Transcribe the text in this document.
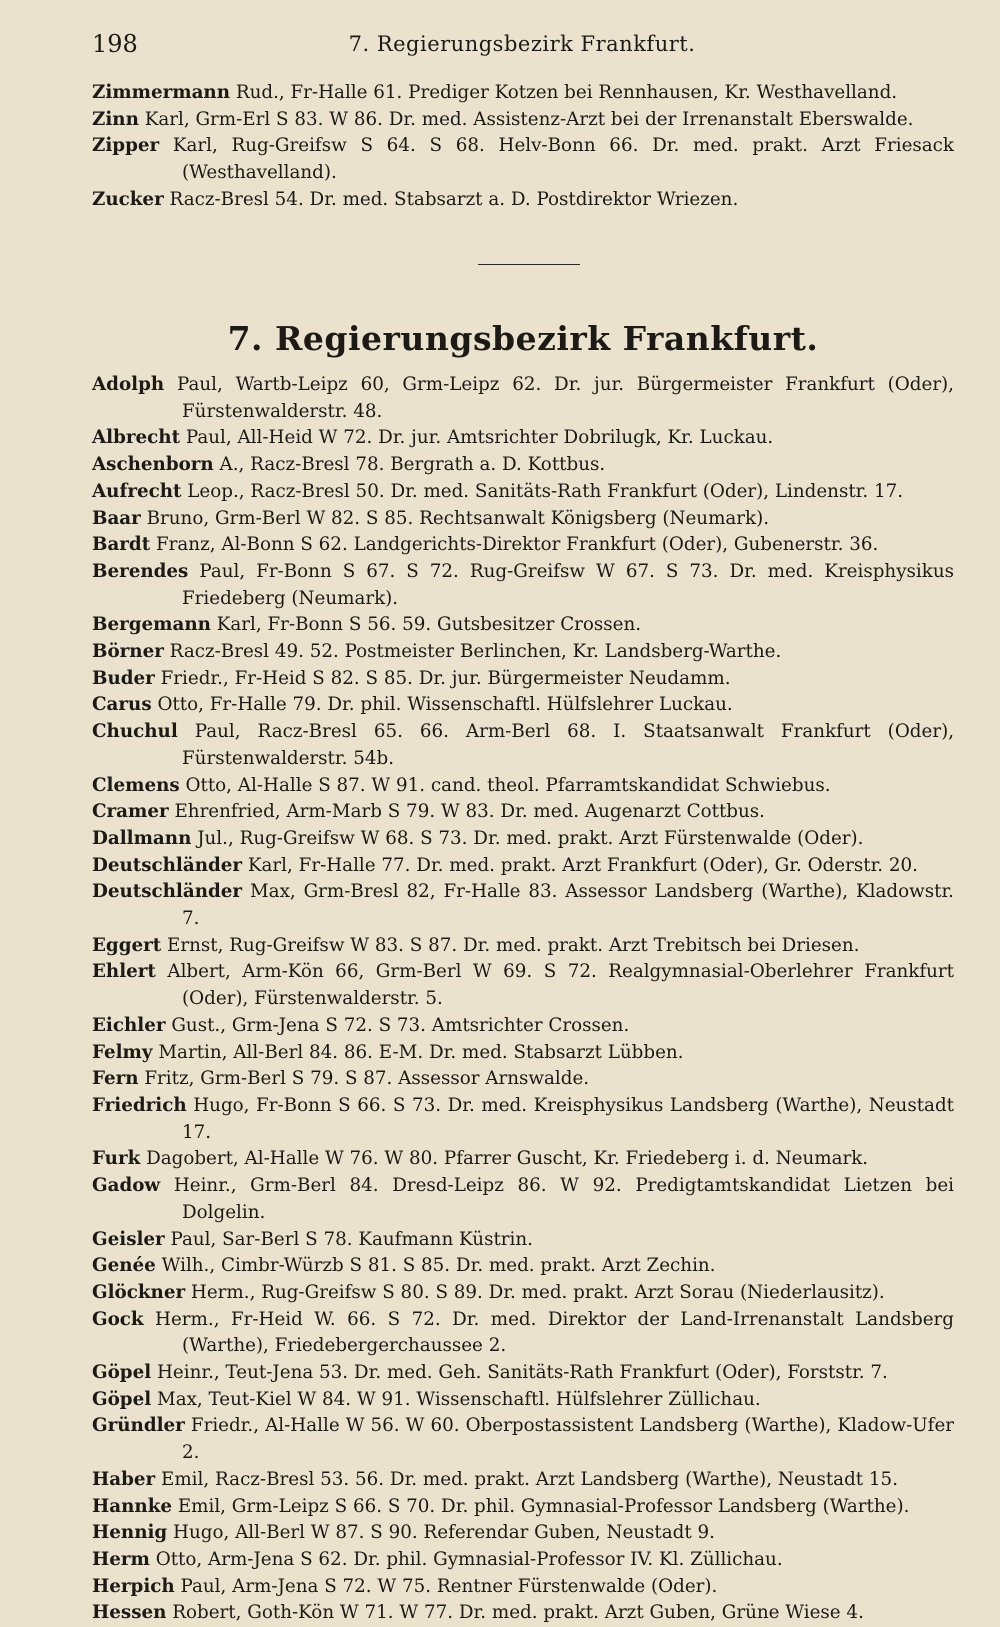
198	7. Regierungsbezirk Frankfurt.
Zimmermann Rud., Fr-Halle 61. Prediger Kotzen bei Rennhausen, Kr. Westhavelland.
Zinn Karl, Grm-Erl S 83. W 86. Dr. med. Assistenz-Arzt bei der Irrenanstalt Eberswalde.
Zipper Karl, Rug-Greifsw S 64. S 68. Helv-Bonn 66. Dr. med. prakt. Arzt Friesack (Westhavelland).
Zucker Racz-Bresl 54. Dr. med. Stabsarzt a. D. Postdirektor Wriezen.
7. Regierungsbezirk Frankfurt.
Adolph Paul, Wartb-Leipz 60, Grm-Leipz 62. Dr. jur. Bürgermeister Frankfurt (Oder), Fürstenwalderstr. 48.
Albrecht Paul, All-Heid W 72. Dr. jur. Amtsrichter Dobrilugk, Kr. Luckau.
Aschenborn A., Racz-Bresl 78. Bergrath a. D. Kottbus.
Aufrecht Leop., Racz-Bresl 50. Dr. med. Sanitäts-Rath Frankfurt (Oder), Lindenstr. 17.
Baar Bruno, Grm-Berl W 82. S 85. Rechtsanwalt Königsberg (Neumark).
Bardt Franz, Al-Bonn S 62. Landgerichts-Direktor Frankfurt (Oder), Gubenerstr. 36.
Berendes Paul, Fr-Bonn S 67. S 72. Rug-Greifsw W 67. S 73. Dr. med. Kreisphysikus Friedeberg (Neumark).
Bergemann Karl, Fr-Bonn S 56. 59. Gutsbesitzer Crossen.
Börner Racz-Bresl 49. 52. Postmeister Berlinchen, Kr. Landsberg-Warthe.
Buder Friedr., Fr-Heid S 82. S 85. Dr. jur. Bürgermeister Neudamm.
Carus Otto, Fr-Halle 79. Dr. phil. Wissenschaftl. Hülfslehrer Luckau.
Chuchul Paul, Racz-Bresl 65. 66. Arm-Berl 68. I. Staatsanwalt Frankfurt (Oder), Fürstenwalderstr. 54b.
Clemens Otto, Al-Halle S 87. W 91. cand. theol. Pfarramtskandidat Schwiebus.
Cramer Ehrenfried, Arm-Marb S 79. W 83. Dr. med. Augenarzt Cottbus.
Dallmann Jul., Rug-Greifsw W 68. S 73. Dr. med. prakt. Arzt Fürstenwalde (Oder).
Deutschländer Karl, Fr-Halle 77. Dr. med. prakt. Arzt Frankfurt (Oder), Gr. Oderstr. 20.
Deutschländer Max, Grm-Bresl 82, Fr-Halle 83. Assessor Landsberg (Warthe), Kladowstr. 7.
Eggert Ernst, Rug-Greifsw W 83. S 87. Dr. med. prakt. Arzt Trebitsch bei Driesen.
Ehlert Albert, Arm-Kön 66, Grm-Berl W 69. S 72. Realgymnasial-Oberlehrer Frankfurt (Oder), Fürstenwalderstr. 5.
Eichler Gust., Grm-Jena S 72. S 73. Amtsrichter Crossen.
Felmy Martin, All-Berl 84. 86. E-M. Dr. med. Stabsarzt Lübben.
Fern Fritz, Grm-Berl S 79. S 87. Assessor Arnswalde.
Friedrich Hugo, Fr-Bonn S 66. S 73. Dr. med. Kreisphysikus Landsberg (Warthe), Neustadt 17.
Furk Dagobert, Al-Halle W 76. W 80. Pfarrer Guscht, Kr. Friedeberg i. d. Neumark.
Gadow Heinr., Grm-Berl 84. Dresd-Leipz 86. W 92. Predigtamtskandidat Lietzen bei Dolgelin.
Geisler Paul, Sar-Berl S 78. Kaufmann Küstrin.
Genée Wilh., Cimbr-Würzb S 81. S 85. Dr. med. prakt. Arzt Zechin.
Glöckner Herm., Rug-Greifsw S 80. S 89. Dr. med. prakt. Arzt Sorau (Niederlausitz).
Gock Herm., Fr-Heid W. 66. S 72. Dr. med. Direktor der Land-Irrenanstalt Landsberg (Warthe), Friedebergerchaussee 2.
Göpel Heinr., Teut-Jena 53. Dr. med. Geh. Sanitäts-Rath Frankfurt (Oder), Forststr. 7.
Göpel Max, Teut-Kiel W 84. W 91. Wissenschaftl. Hülfslehrer Züllichau.
Gründler Friedr., Al-Halle W 56. W 60. Oberpostassistent Landsberg (Warthe), Kladow-Ufer 2.
Haber Emil, Racz-Bresl 53. 56. Dr. med. prakt. Arzt Landsberg (Warthe), Neustadt 15.
Hannke Emil, Grm-Leipz S 66. S 70. Dr. phil. Gymnasial-Professor Landsberg (Warthe).
Hennig Hugo, All-Berl W 87. S 90. Referendar Guben, Neustadt 9.
Herm Otto, Arm-Jena S 62. Dr. phil. Gymnasial-Professor IV. Kl. Züllichau.
Herpich Paul, Arm-Jena S 72. W 75. Rentner Fürstenwalde (Oder).
Hessen Robert, Goth-Kön W 71. W 77. Dr. med. prakt. Arzt Guben, Grüne Wiese 4.
